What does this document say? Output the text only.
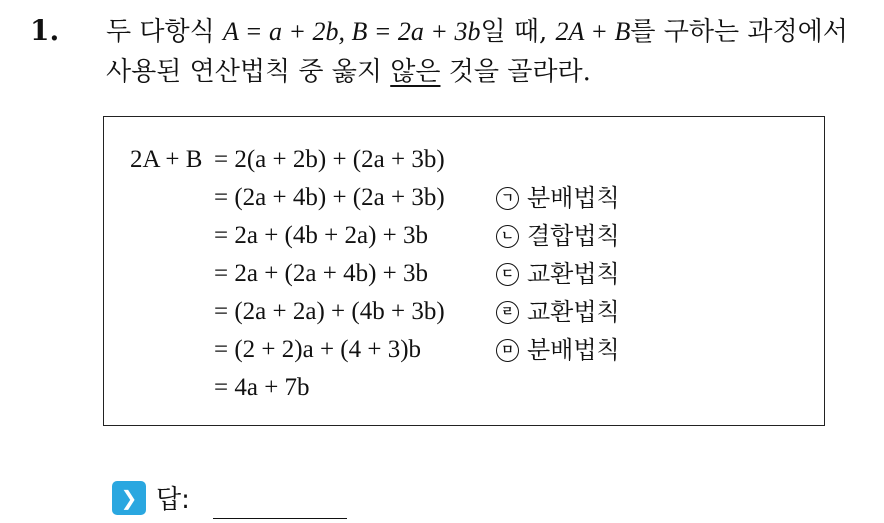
1. 두 다항식 A = a + 2b, B = 2a + 3b일 때, 2A + B를 구하는 과정에서
사용된 연산법칙 중 옳지 않은 것을 골라라.
2A + B = 2(a + 2b) + (2a + 3b)
= (2a + 4b) + (2a + 3b)	ㄱ 분배법칙
= 2a + (4b + 2a) + 3b	ㄴ 결합법칙
= 2a + (2a + 4b) + 3b	ㄷ 교환법칙
= (2a + 2a) + (4b + 3b)	ㄹ 교환법칙
= (2 + 2)a + (4 + 3)b	ㅁ 분배법칙
= 4a + 7b
❯ 답:
